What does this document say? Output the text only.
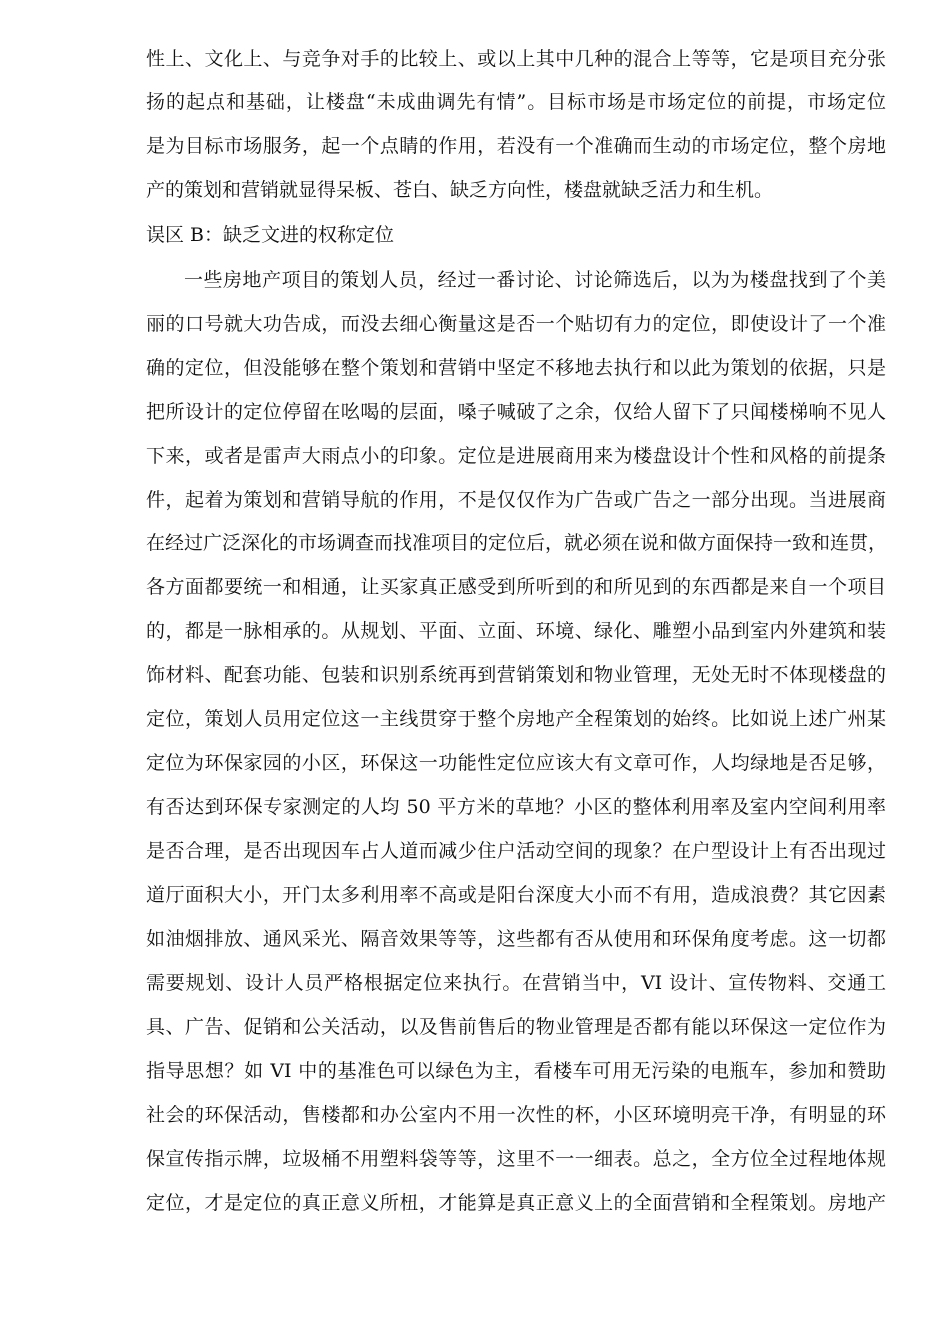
性上、文化上、与竞争对手的比较上、或以上其中几种的混合上等等，它是项目充分张
扬的起点和基础，让楼盘“未成曲调先有情”。目标市场是市场定位的前提，市场定位
是为目标市场服务，起一个点睛的作用，若没有一个准确而生动的市场定位，整个房地
产的策划和营销就显得呆板、苍白、缺乏方向性，楼盘就缺乏活力和生机。
误区 B：缺乏文进的权称定位
一些房地产项目的策划人员，经过一番讨论、讨论筛选后，以为为楼盘找到了个美
丽的口号就大功告成，而没去细心衡量这是否一个贴切有力的定位，即使设计了一个准
确的定位，但没能够在整个策划和营销中坚定不移地去执行和以此为策划的依据，只是
把所设计的定位停留在吆喝的层面，嗓子喊破了之余，仅给人留下了只闻楼梯响不见人
下来，或者是雷声大雨点小的印象。定位是进展商用来为楼盘设计个性和风格的前提条
件，起着为策划和营销导航的作用，不是仅仅作为广告或广告之一部分出现。当进展商
在经过广泛深化的市场调查而找准项目的定位后，就必须在说和做方面保持一致和连贯，
各方面都要统一和相通，让买家真正感受到所听到的和所见到的东西都是来自一个项目
的，都是一脉相承的。从规划、平面、立面、环境、绿化、雕塑小品到室内外建筑和装
饰材料、配套功能、包装和识别系统再到营销策划和物业管理，无处无时不体现楼盘的
定位，策划人员用定位这一主线贯穿于整个房地产全程策划的始终。比如说上述广州某
定位为环保家园的小区，环保这一功能性定位应该大有文章可作，人均绿地是否足够，
有否达到环保专家测定的人均 50 平方米的草地？小区的整体利用率及室内空间利用率
是否合理，是否出现因车占人道而减少住户活动空间的现象？在户型设计上有否出现过
道厅面积大小，开门太多利用率不高或是阳台深度大小而不有用，造成浪费？其它因素
如油烟排放、通风采光、隔音效果等等，这些都有否从使用和环保角度考虑。这一切都
需要规划、设计人员严格根据定位来执行。在营销当中，VI 设计、宣传物料、交通工
具、广告、促销和公关活动，以及售前售后的物业管理是否都有能以环保这一定位作为
指导思想？如 VI 中的基准色可以绿色为主，看楼车可用无污染的电瓶车，参加和赞助
社会的环保活动，售楼都和办公室内不用一次性的杯，小区环境明亮干净，有明显的环
保宣传指示牌，垃圾桶不用塑料袋等等，这里不一一细表。总之，全方位全过程地体规
定位，才是定位的真正意义所杻，才能算是真正意义上的全面营销和全程策划。房地产
